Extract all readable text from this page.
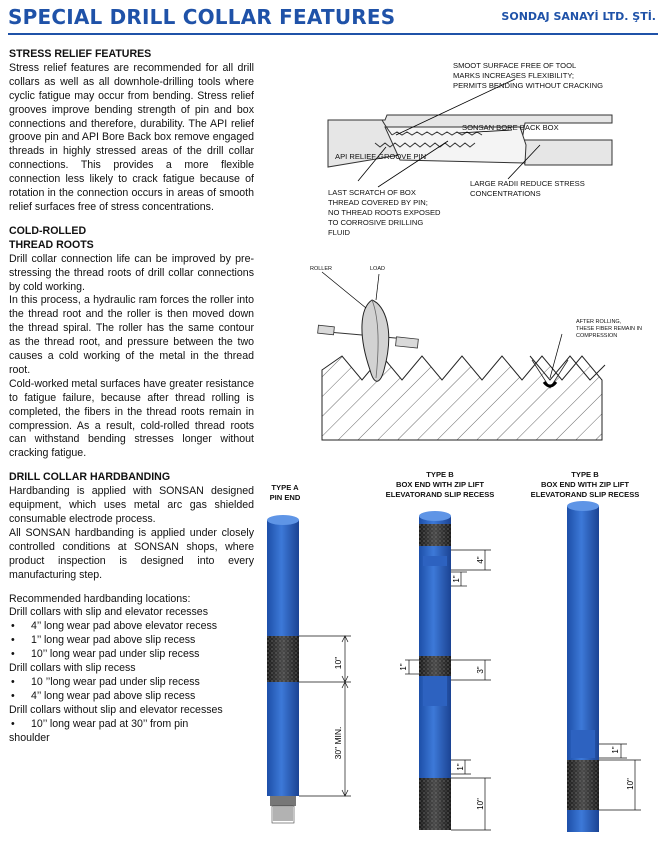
SPECIAL DRILL COLLAR FEATURES	SONDAJ SANAYİ LTD. ŞTİ.

STRESS RELIEF FEATURES

Stress relief features are recommended for all drill collars as well as all downhole-drilling tools where cyclic fatigue may occur from bending. Stress relief grooves improve bending strength of pin and box connections and therefore, durability. The API relief groove pin and API Bore Back box remove engaged threads in highly stressed areas of the drill collar connections. This provides a more flexible connection less likely to crack fatigue because of rotation in the connection occurs in areas of smooth relief surfaces free of stress concentrations.

COLD-ROLLED

THREAD ROOTS

Drill collar connection life can be improved by pre-stressing the thread roots of drill collar connections by cold working.

In this process, a hydraulic ram forces the roller into the thread root and the roller is then moved down the thread spiral. The roller has the same contour as the thread root, and pressure between the two causes a cold working of the metal in the thread root.

Cold-worked metal surfaces have greater resistance to fatigue failure, because after thread rolling is completed, the fibers in the thread roots remain in compression. As a result, cold-rolled thread roots can withstand bending stresses longer without cracking fatigue.

DRILL COLLAR HARDBANDING

Hardbanding is applied with SONSAN designed equipment, which uses metal arc gas shielded consumable electrode process.

All SONSAN hardbanding is applied under closely controlled conditions at SONSAN shops, where product inspection is designed into every manufacturing step.

Recommended hardbanding locations:

Drill collars with slip and elevator recesses
• 4’’ long wear pad above elevator recess
• 1’’ long wear pad above slip recess
• 10’’ long wear pad under slip recess
Drill collars with slip recess
• 10 ’’long wear pad under slip recess
• 4’’ long wear pad above slip recess
Drill collars without slip and elevator recesses
• 10’’ long wear pad at 30’’ from pin
shoulder
SMOOT SURFACE FREE OF TOOL
MARKS INCREASES FLEXIBILITY;
PERMITS BENDING WITHOUT CRACKING
SONSAN BORE BACK BOX
API RELIEF GROOVE PIN
LAST SCRATCH OF BOX
THREAD COVERED BY PIN;
NO THREAD ROOTS EXPOSED
TO CORROSIVE DRILLING
FLUID
LARGE RADII REDUCE STRESS
CONCENTRATIONS
ROLLER	LOAD
AFTER ROLLING,
THESE FIBER REMAIN IN
COMPRESSION
TYPE A
PIN END
TYPE B
BOX END WITH ZIP LIFT
ELEVATORAND SLIP RECESS
TYPE B
BOX END WITH ZIP LIFT
ELEVATORAND SLIP RECESS
10"
30" MIN.
4"
1"
1"	3"
1"
10"
1"
10"
